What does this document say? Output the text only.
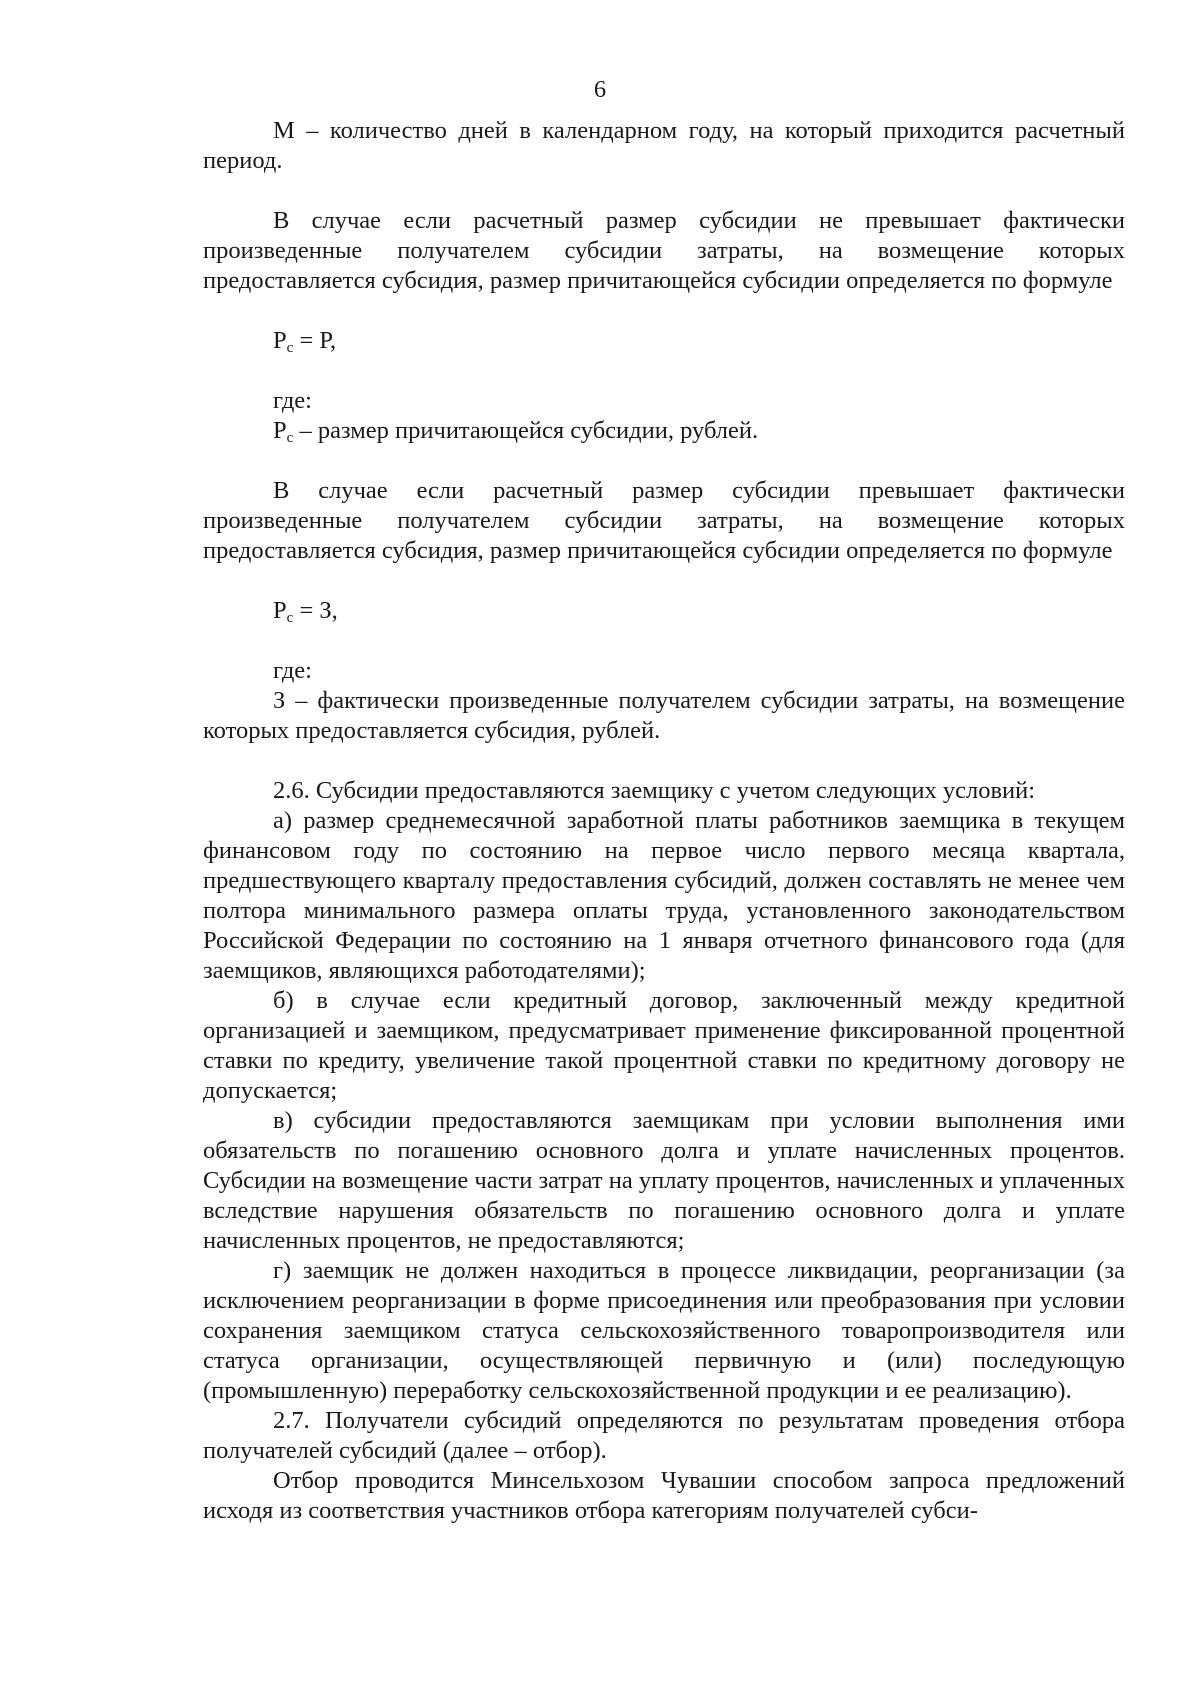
6

М – количество дней в календарном году, на который приходится расчетный период.

В случае если расчетный размер субсидии не превышает фактически произведенные получателем субсидии затраты, на возмещение которых предоставляется субсидия, размер причитающейся субсидии определяется по формуле

$Р_с = Р$,

где:

$Р_с$ – размер причитающейся субсидии, рублей.

В случае если расчетный размер субсидии превышает фактически произведенные получателем субсидии затраты, на возмещение которых предоставляется субсидия, размер причитающейся субсидии определяется по формуле

$Р_с = З$,

где:

З – фактически произведенные получателем субсидии затраты, на возмещение которых предоставляется субсидия, рублей.

2.6. Субсидии предоставляются заемщику с учетом следующих условий:

а) размер среднемесячной заработной платы работников заемщика в текущем финансовом году по состоянию на первое число первого месяца квартала, предшествующего кварталу предоставления субсидий, должен составлять не менее чем полтора минимального размера оплаты труда, установленного законодательством Российской Федерации по состоянию на 1 января отчетного финансового года (для заемщиков, являющихся работодателями);

б) в случае если кредитный договор, заключенный между кредитной организацией и заемщиком, предусматривает применение фиксированной процентной ставки по кредиту, увеличение такой процентной ставки по кредитному договору не допускается;

в) субсидии предоставляются заемщикам при условии выполнения ими обязательств по погашению основного долга и уплате начисленных процентов. Субсидии на возмещение части затрат на уплату процентов, начисленных и уплаченных вследствие нарушения обязательств по погашению основного долга и уплате начисленных процентов, не предоставляются;

г) заемщик не должен находиться в процессе ликвидации, реорганизации (за исключением реорганизации в форме присоединения или преобразования при условии сохранения заемщиком статуса сельскохозяйственного товаропроизводителя или статуса организации, осуществляющей первичную и (или) последующую (промышленную) переработку сельскохозяйственной продукции и ее реализацию).

2.7. Получатели субсидий определяются по результатам проведения отбора получателей субсидий (далее – отбор).

Отбор проводится Минсельхозом Чувашии способом запроса предложений исходя из соответствия участников отбора категориям получателей субси-
